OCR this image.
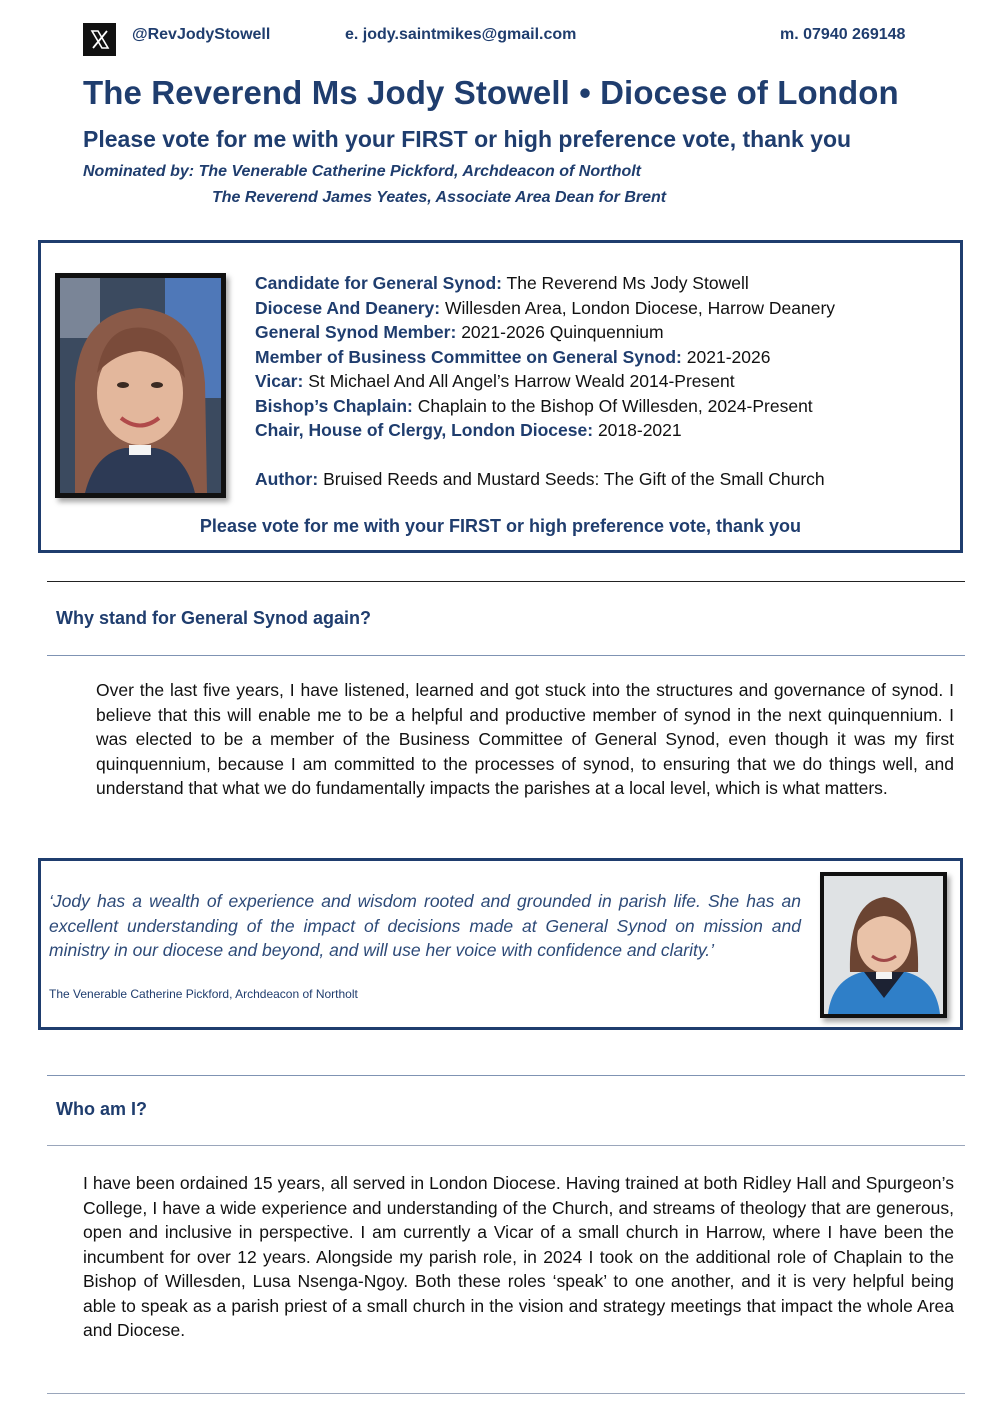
@RevJodyStowell	e. jody.saintmikes@gmail.com	m. 07940 269148
The Reverend Ms Jody Stowell • Diocese of London
Please vote for me with your FIRST or high preference vote, thank you
Nominated by: The Venerable Catherine Pickford, Archdeacon of Northolt
The Reverend James Yeates, Associate Area Dean for Brent
Candidate for General Synod: The Reverend Ms Jody Stowell
Diocese And Deanery: Willesden Area, London Diocese, Harrow Deanery
General Synod Member: 2021-2026 Quinquennium
Member of Business Committee on General Synod: 2021-2026
Vicar: St Michael And All Angel’s Harrow Weald 2014-Present
Bishop’s Chaplain: Chaplain to the Bishop Of Willesden, 2024-Present
Chair, House of Clergy, London Diocese: 2018-2021
Author: Bruised Reeds and Mustard Seeds: The Gift of the Small Church
Please vote for me with your FIRST or high preference vote, thank you
Why stand for General Synod again?
Over the last five years, I have listened, learned and got stuck into the structures and governance of synod. I believe that this will enable me to be a helpful and productive member of synod in the next quinquennium. I was elected to be a member of the Business Committee of General Synod, even though it was my first quinquennium, because I am committed to the processes of synod, to ensuring that we do things well, and understand that what we do fundamentally impacts the parishes at a local level, which is what matters.
‘Jody has a wealth of experience and wisdom rooted and grounded in parish life. She has an excellent understanding of the impact of decisions made at General Synod on mission and ministry in our diocese and beyond, and will use her voice with confidence and clarity.’
The Venerable Catherine Pickford, Archdeacon of Northolt
Who am I?
I have been ordained 15 years, all served in London Diocese. Having trained at both Ridley Hall and Spurgeon’s College, I have a wide experience and understanding of the Church, and streams of theology that are generous, open and inclusive in perspective. I am currently a Vicar of a small church in Harrow, where I have been the incumbent for over 12 years. Alongside my parish role, in 2024 I took on the additional role of Chaplain to the Bishop of Willesden, Lusa Nsenga-Ngoy. Both these roles ‘speak’ to one another, and it is very helpful being able to speak as a parish priest of a small church in the vision and strategy meetings that impact the whole Area and Diocese.
